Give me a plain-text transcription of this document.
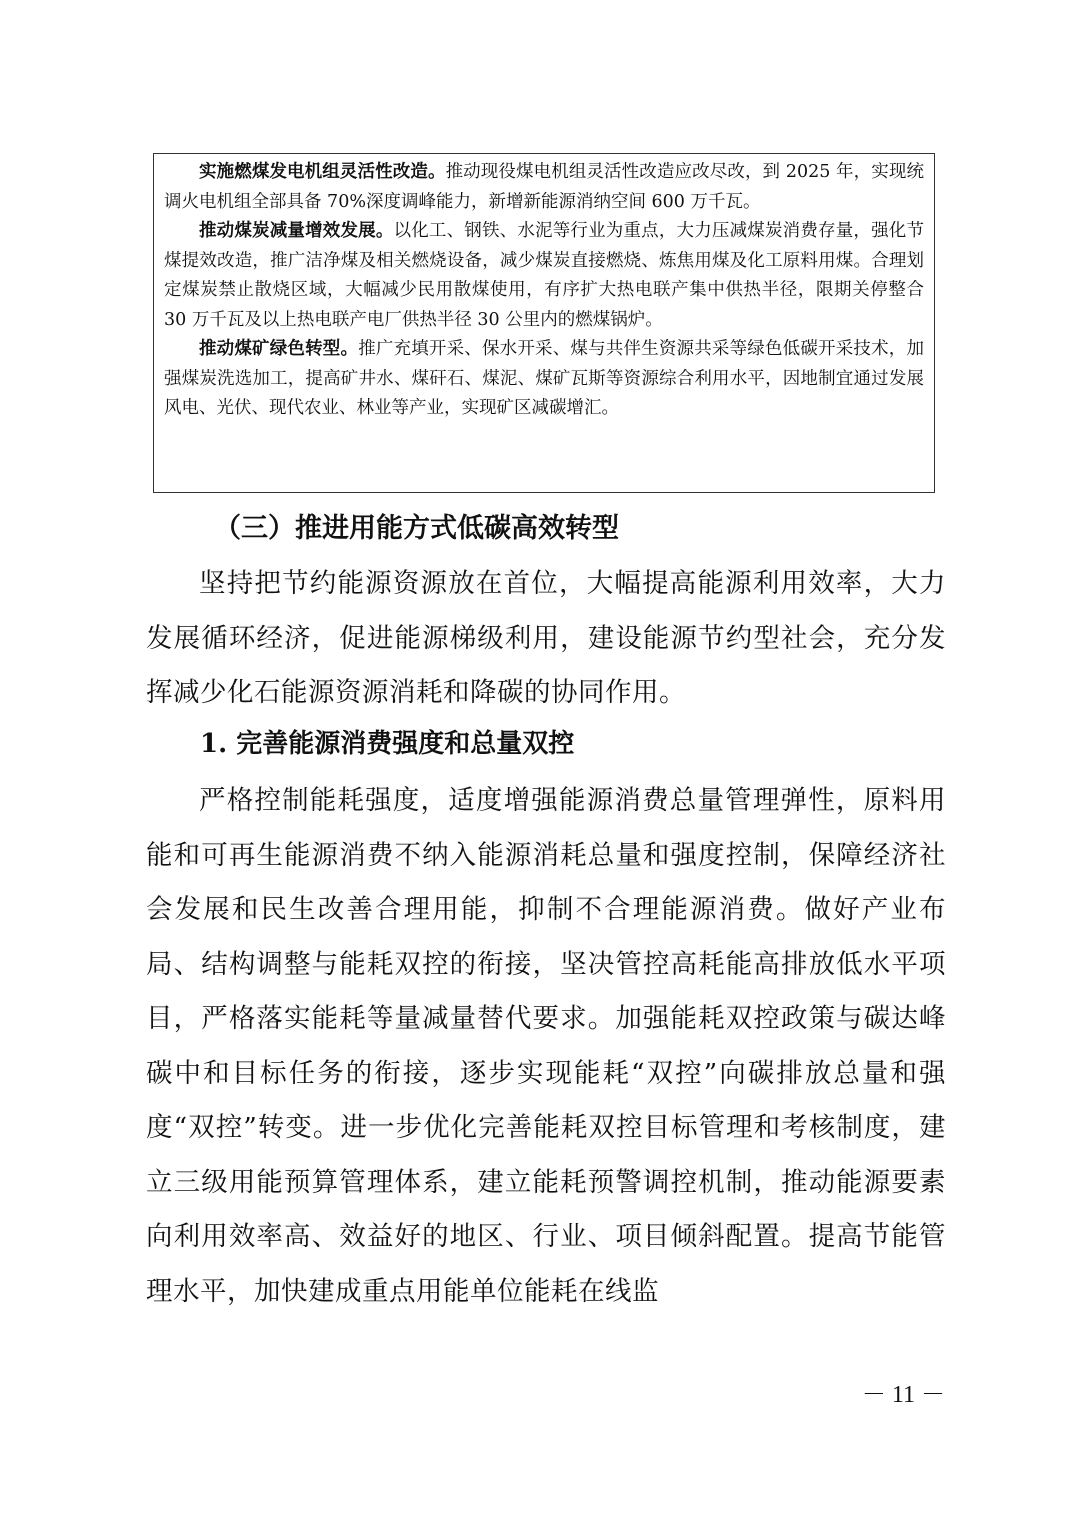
实施燃煤发电机组灵活性改造。推动现役煤电机组灵活性改造应改尽改，到 2025 年，实现统调火电机组全部具备 70%深度调峰能力，新增新能源消纳空间 600 万千瓦。

推动煤炭减量增效发展。以化工、钢铁、水泥等行业为重点，大力压减煤炭消费存量，强化节煤提效改造，推广洁净煤及相关燃烧设备，减少煤炭直接燃烧、炼焦用煤及化工原料用煤。合理划定煤炭禁止散烧区域，大幅减少民用散煤使用，有序扩大热电联产集中供热半径，限期关停整合 30 万千瓦及以上热电联产电厂供热半径 30 公里内的燃煤锅炉。

推动煤矿绿色转型。推广充填开采、保水开采、煤与共伴生资源共采等绿色低碳开采技术，加强煤炭洗选加工，提高矿井水、煤矸石、煤泥、煤矿瓦斯等资源综合利用水平，因地制宜通过发展风电、光伏、现代农业、林业等产业，实现矿区减碳增汇。

（三）推进用能方式低碳高效转型

坚持把节约能源资源放在首位，大幅提高能源利用效率，大力发展循环经济，促进能源梯级利用，建设能源节约型社会，充分发挥减少化石能源资源消耗和降碳的协同作用。

1. 完善能源消费强度和总量双控

严格控制能耗强度，适度增强能源消费总量管理弹性，原料用能和可再生能源消费不纳入能源消耗总量和强度控制，保障经济社会发展和民生改善合理用能，抑制不合理能源消费。做好产业布局、结构调整与能耗双控的衔接，坚决管控高耗能高排放低水平项目，严格落实能耗等量减量替代要求。加强能耗双控政策与碳达峰碳中和目标任务的衔接，逐步实现能耗“双控”向碳排放总量和强度“双控”转变。进一步优化完善能耗双控目标管理和考核制度，建立三级用能预算管理体系，建立能耗预警调控机制，推动能源要素向利用效率高、效益好的地区、行业、项目倾斜配置。提高节能管理水平，加快建成重点用能单位能耗在线监

－ 11 －
